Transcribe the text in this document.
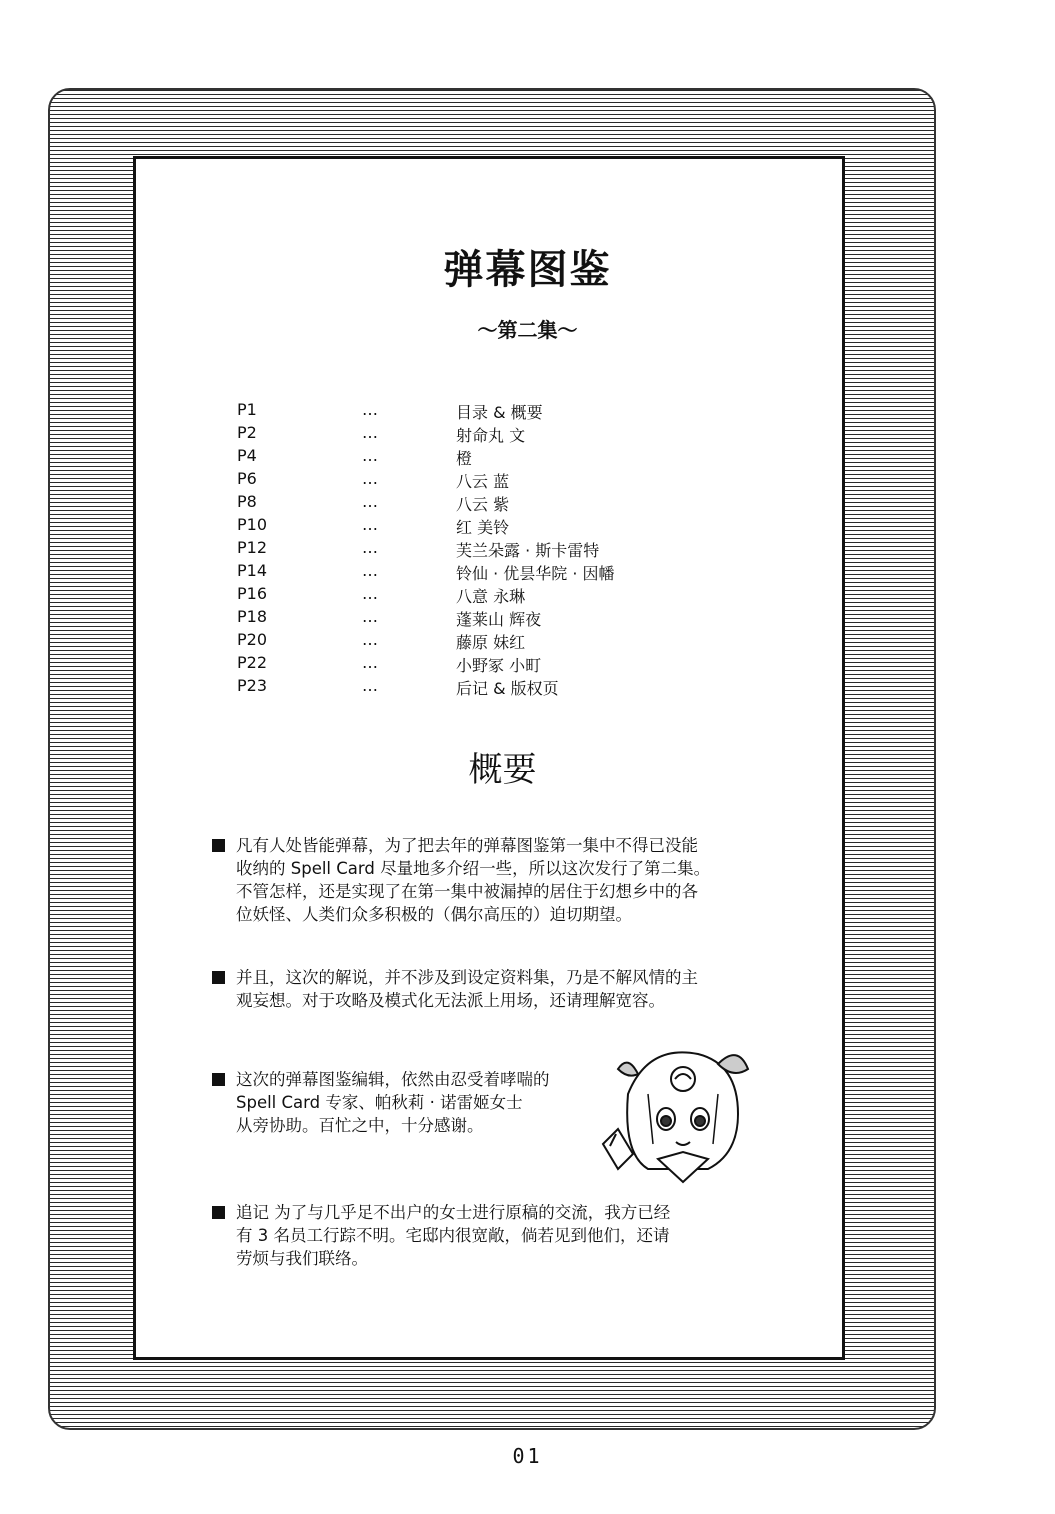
弹幕图鉴
～第二集～
P1	…	目录 & 概要
P2	…	射命丸 文
P4	…	橙
P6	…	八云 蓝
P8	…	八云 紫
P10	…	红 美铃
P12	…	芙兰朵露 · 斯卡雷特
P14	…	铃仙 · 优昙华院 · 因幡
P16	…	八意 永琳
P18	…	蓬莱山 辉夜
P20	…	藤原 妹红
P22	…	小野冢 小町
P23	…	后记 & 版权页
概要
凡有人处皆能弹幕，为了把去年的弹幕图鉴第一集中不得已没能
收纳的 Spell Card 尽量地多介绍一些，所以这次发行了第二集。
不管怎样，还是实现了在第一集中被漏掉的居住于幻想乡中的各
位妖怪、人类们众多积极的（偶尔高压的）迫切期望。
并且，这次的解说，并不涉及到设定资料集，乃是不解风情的主
观妄想。对于攻略及模式化无法派上用场，还请理解宽容。
这次的弹幕图鉴编辑，依然由忍受着哮喘的
Spell Card 专家、帕秋莉 · 诺雷姬女士
从旁协助。百忙之中，十分感谢。
追记 为了与几乎足不出户的女士进行原稿的交流，我方已经
有 3 名员工行踪不明。宅邸内很宽敞，倘若见到他们，还请
劳烦与我们联络。
01
